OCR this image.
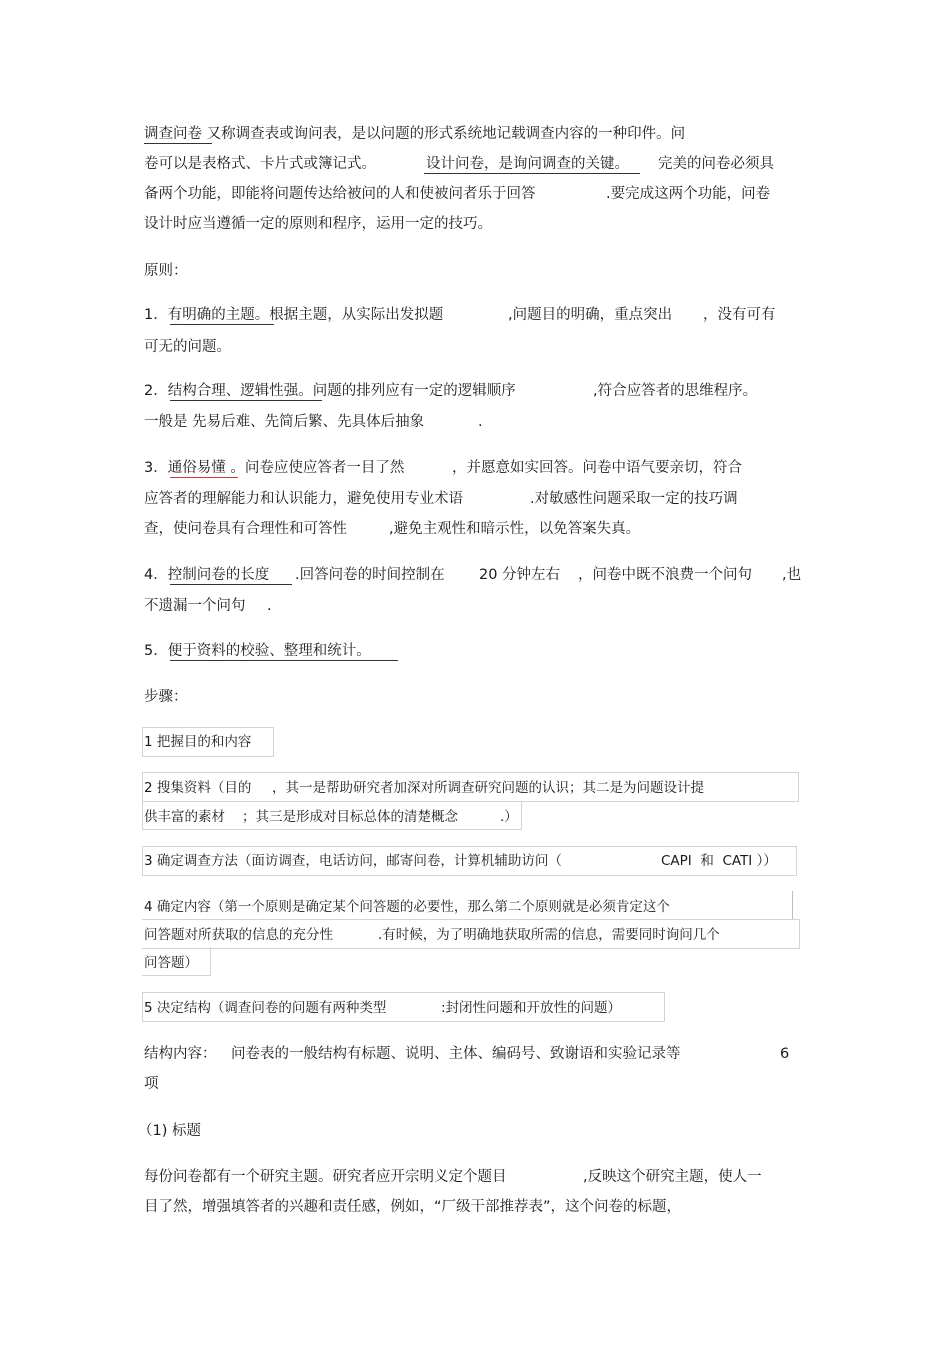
调查问卷 又称调查表或询问表，是以问题的形式系统地记载调查内容的一种印件。问
卷可以是表格式、卡片式或簿记式。	设计问卷，是询问调查的关键。 完美的问卷必须具
备两个功能，即能将问题传达给被问的人和使被问者乐于回答	.要完成这两个功能，问卷
设计时应当遵循一定的原则和程序，运用一定的技巧。
原则：
1．有明确的主题。根据主题，从实际出发拟题	,问题目的明确，重点突出 ，没有可有
可无的问题。
2．结构合理、逻辑性强。问题的排列应有一定的逻辑顺序	,符合应答者的思维程序。
一般是 先易后难、先简后繁、先具体后抽象	.
3．通俗易懂 。问卷应使应答者一目了然	，并愿意如实回答。问卷中语气要亲切，符合
应答者的理解能力和认识能力，避免使用专业术语	.对敏感性问题采取一定的技巧调
查，使问卷具有合理性和可答性	,避免主观性和暗示性，以免答案失真。
4．控制问卷的长度 .回答问卷的时间控制在 20 分钟左右 ，问卷中既不浪费一个问句 ,也
不遗漏一个问句 .
5．便于资料的校验、整理和统计。
步骤：
1 把握目的和内容
2 搜集资料（目的 ，其一是帮助研究者加深对所调查研究问题的认识；其二是为问题设计提
供丰富的素材 ；其三是形成对目标总体的清楚概念	.）
3 确定调查方法（面访调查，电话访问，邮寄问卷，计算机辅助访问（	CAPI  和  CATI ））
4 确定内容（第一个原则是确定某个问答题的必要性，那么第二个原则就是必须肯定这个
问答题对所获取的信息的充分性	.有时候，为了明确地获取所需的信息，需要同时询问几个
问答题）
5 决定结构（调查问卷的问题有两种类型	:封闭性问题和开放性的问题）
结构内容： 问卷表的一般结构有标题、说明、主体、编码号、致谢语和实验记录等	6
项
（1) 标题
每份问卷都有一个研究主题。研究者应开宗明义定个题目	,反映这个研究主题，使人一
目了然，增强填答者的兴趣和责任感，例如，“厂级干部推荐表”，这个问卷的标题，
